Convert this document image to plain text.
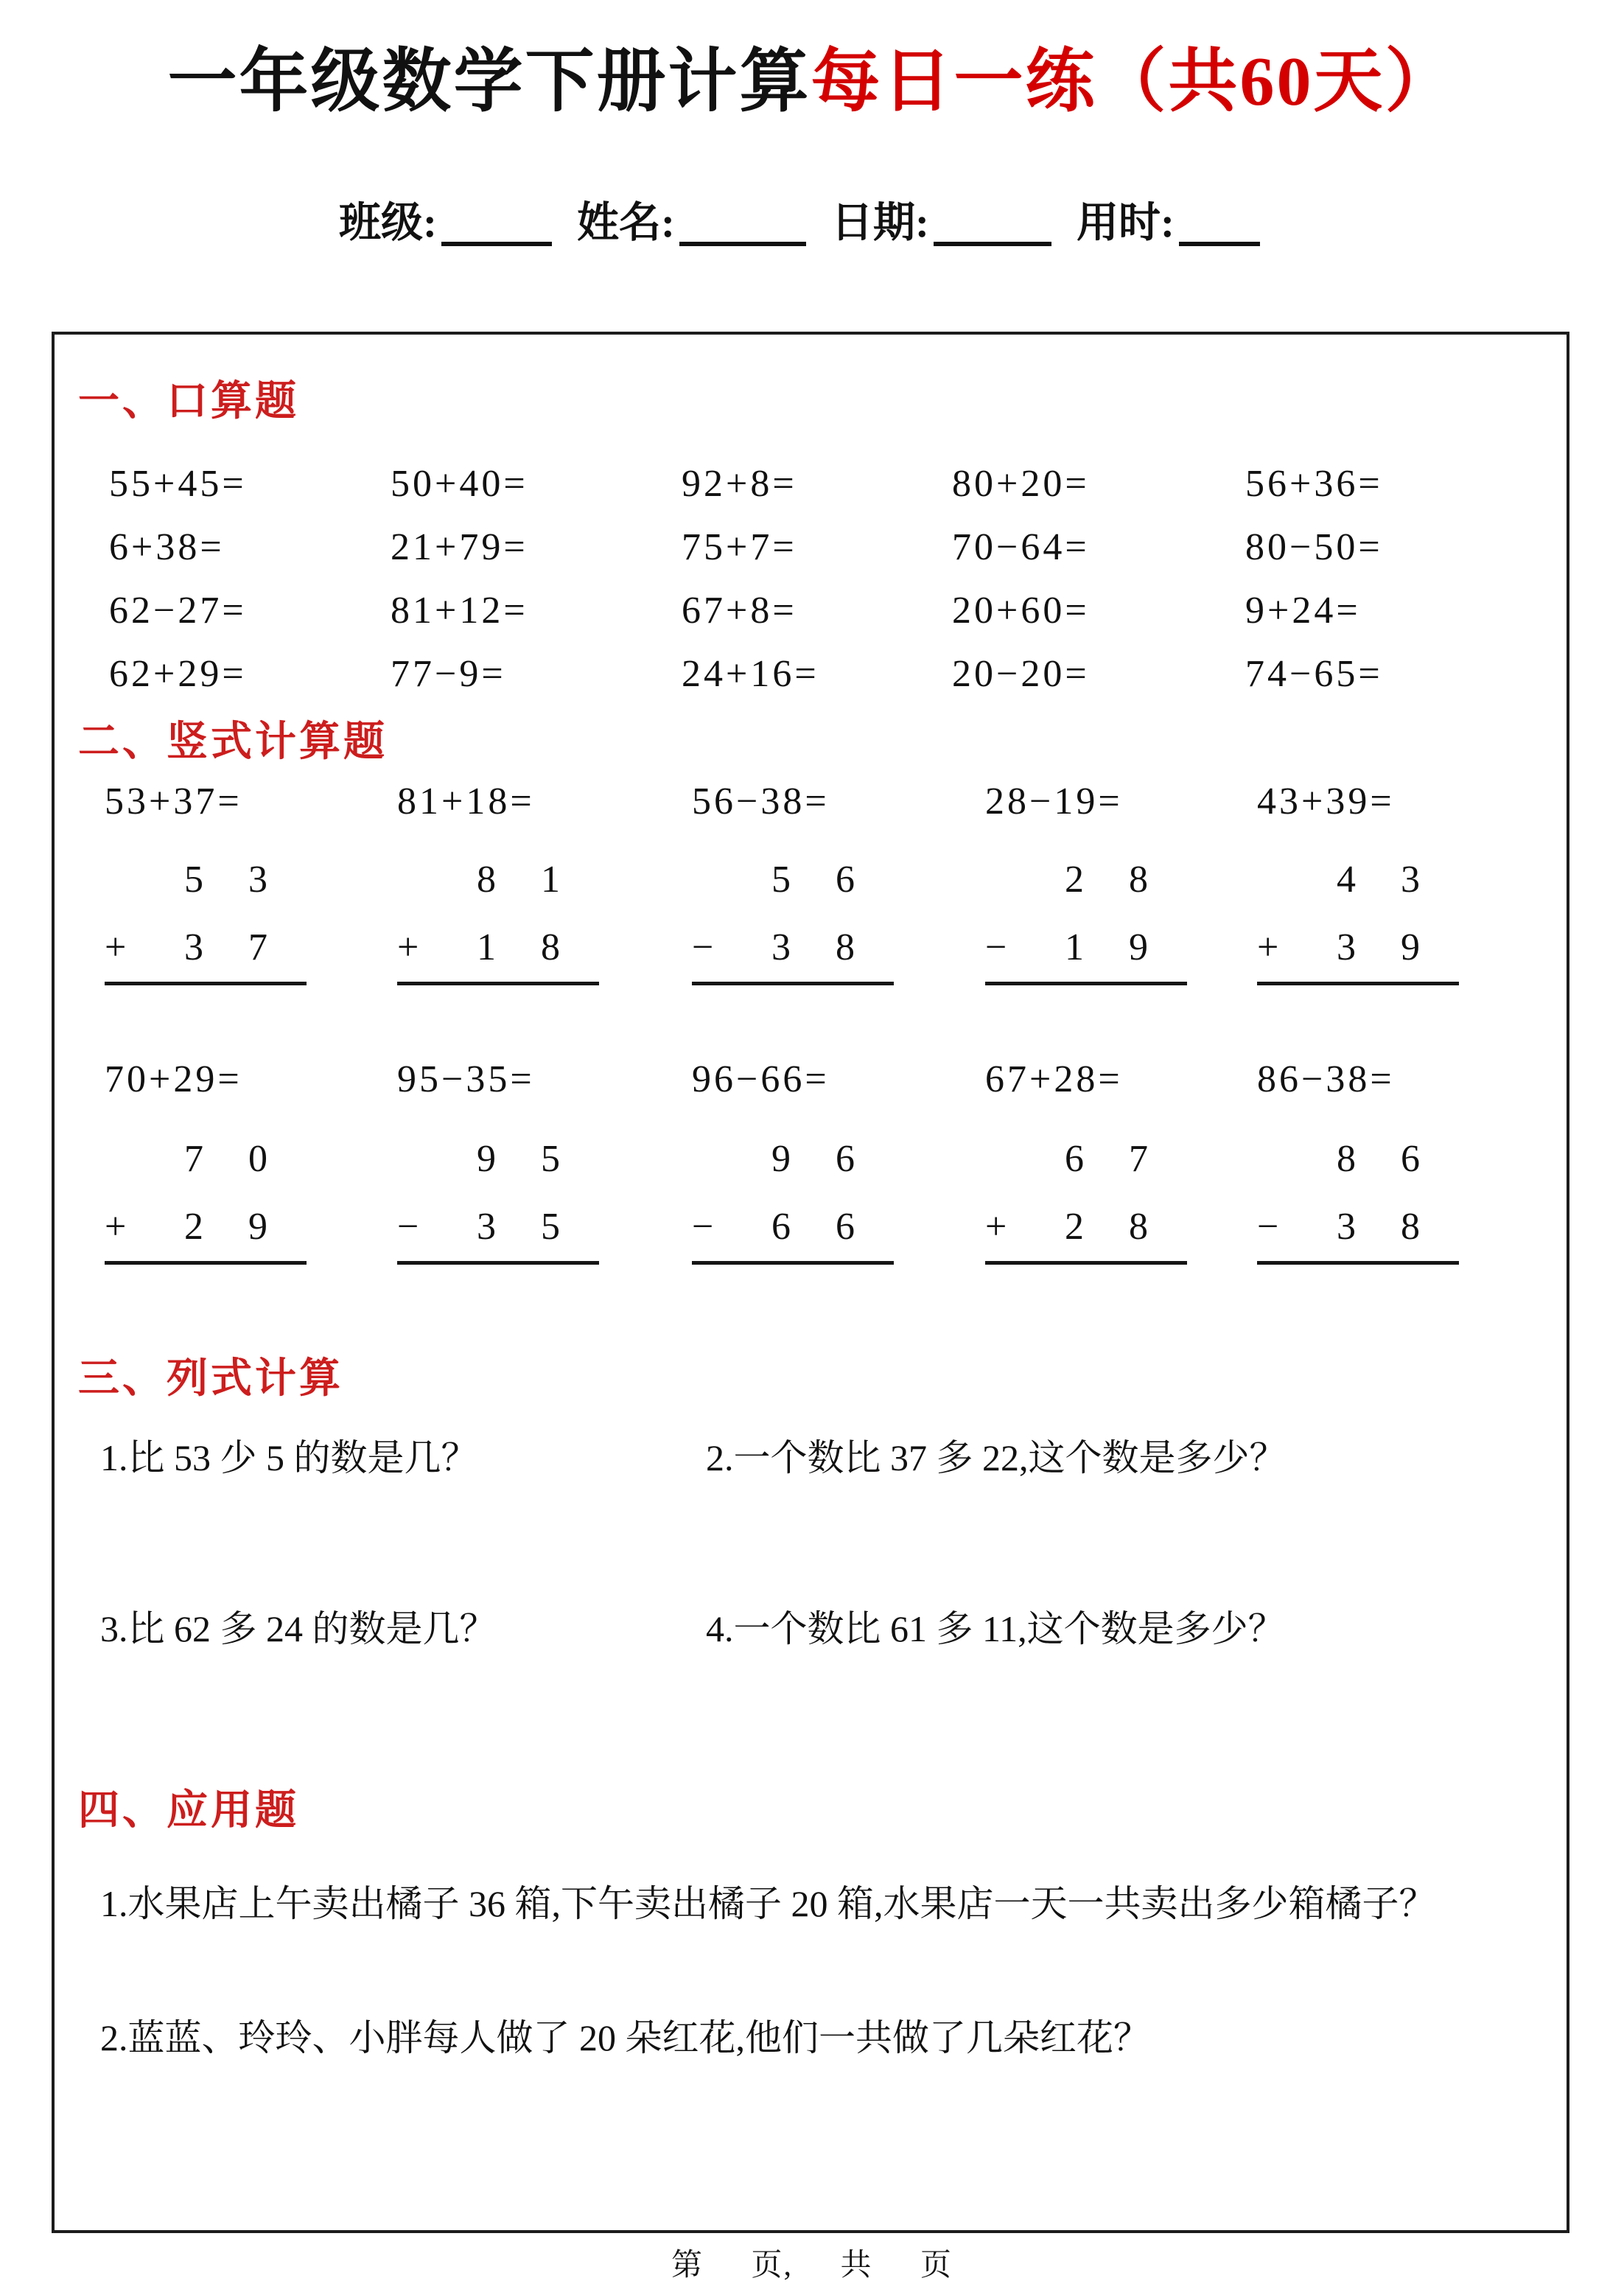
一年级数学下册计算每日一练（共60天）
班级:	姓名:	日期:	用时:
一、口算题
55+45=	50+40=	92+8=	80+20=	56+36=
6+38=	21+79=	75+7=	70−64=	80−50=
62−27=	81+12=	67+8=	20+60=	9+24=
62+29=	77−9=	24+16=	20−20=	74−65=
二、竖式计算题
53+37=	81+18=	56−38=	28−19=	43+39=
5 3
+	3 7
8 1
+	1 8
5 6
−	3 8
2 8
−	1 9
4 3
+	3 9
70+29=	95−35=	96−66=	67+28=	86−38=
7 0
+	2 9
9 5
−	3 5
9 6
−	6 6
6 7
+	2 8
8 6
−	3 8
三、列式计算
1.比 53 少 5 的数是几？	2.一个数比 37 多 22,这个数是多少？
3.比 62 多 24 的数是几？	4.一个数比 61 多 11,这个数是多少？
四、应用题
1.水果店上午卖出橘子 36 箱,下午卖出橘子 20 箱,水果店一天一共卖出多少箱橘子？
2.蓝蓝、玲玲、小胖每人做了 20 朵红花,他们一共做了几朵红花？
第 页, 共 页
